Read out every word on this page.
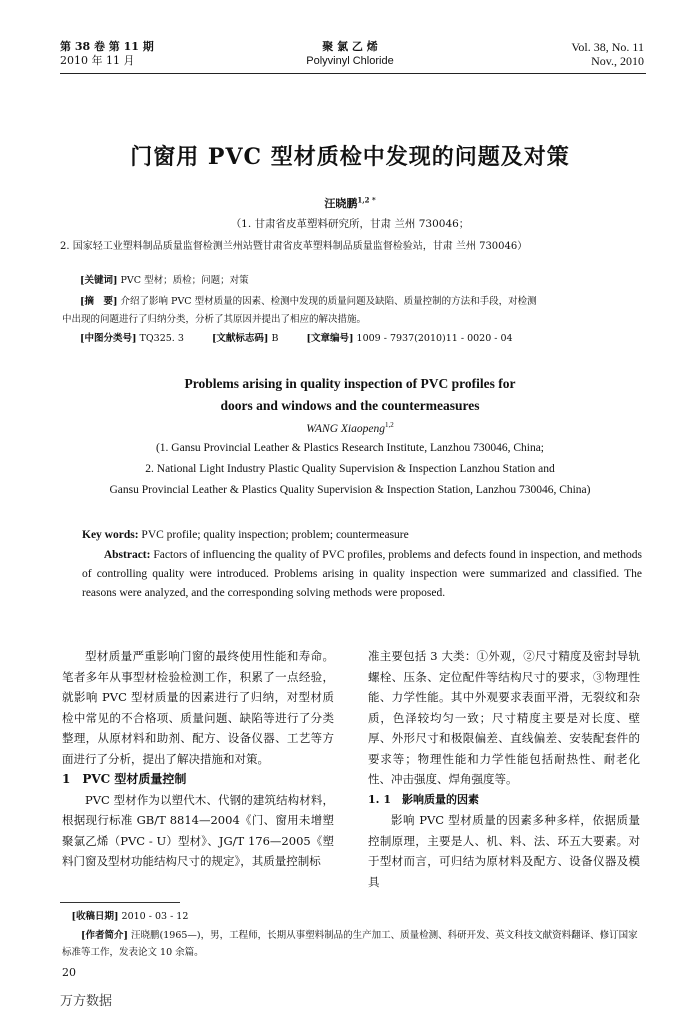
第 38 卷 第 11 期
2010 年 11 月
聚 氯 乙 烯
Polyvinyl Chloride
Vol. 38, No. 11
Nov., 2010
门窗用 PVC 型材质检中发现的问题及对策
汪晓鹏$^{1,2 *}$
（1. 甘肃省皮革塑料研究所，甘肃 兰州 730046；
2. 国家轻工业塑料制品质量监督检测兰州站暨甘肃省皮革塑料制品质量监督检验站，甘肃 兰州 730046）
[关键词] PVC 型材；质检；问题；对策
[摘　要] 介绍了影响 PVC 型材质量的因素、检测中发现的质量问题及缺陷、质量控制的方法和手段，对检测
中出现的问题进行了归纳分类，分析了其原因并提出了相应的解决措施。
[中图分类号] TQ325. 3	[文献标志码] B	[文章编号] 1009 - 7937(2010)11 - 0020 - 04
Problems arising in quality inspection of PVC profiles for
doors and windows and the countermeasures
WANG Xiaopeng$^{1,2}$
(1. Gansu Provincial Leather & Plastics Research Institute, Lanzhou 730046, China;
2. National Light Industry Plastic Quality Supervision & Inspection Lanzhou Station and
Gansu Provincial Leather & Plastics Quality Supervision & Inspection Station, Lanzhou 730046, China)
Key words: PVC profile; quality inspection; problem; countermeasure
Abstract: Factors of influencing the quality of PVC profiles, problems and defects found in inspection, and methods of controlling quality were introduced. Problems arising in quality inspection were summarized and classified. The reasons were analyzed, and the corresponding solving methods were proposed.

型材质量严重影响门窗的最终使用性能和寿命。笔者多年从事型材检验检测工作，积累了一点经验，就影响 PVC 型材质量的因素进行了归纳，对型材质检中常见的不合格项、质量问题、缺陷等进行了分类整理，从原材料和助剂、配方、设备仪器、工艺等方面进行了分析，提出了解决措施和对策。

1　PVC 型材质量控制

PVC 型材作为以塑代木、代钢的建筑结构材料，根据现行标准 GB/T 8814—2004《门、窗用未增塑聚氯乙烯（PVC - U）型材》、JG/T 176—2005《塑料门窗及型材功能结构尺寸的规定》，其质量控制标

准主要包括 3 大类：①外观，②尺寸精度及密封导轨螺栓、压条、定位配件等结构尺寸的要求，③物理性能、力学性能。其中外观要求表面平滑，无裂纹和杂质，色泽较均匀一致；尺寸精度主要是对长度、壁厚、外形尺寸和极限偏差、直线偏差、安装配套件的要求等；物理性能和力学性能包括耐热性、耐老化性、冲击强度、焊角强度等。

1. 1　影响质量的因素

影响 PVC 型材质量的因素多种多样，依据质量控制原理，主要是人、机、料、法、环五大要素。对于型材而言，可归结为原材料及配方、设备仪器及模具

　[收稿日期] 2010 - 03 - 12
[作者简介] 汪晓鹏(1965—)，男，工程师，长期从事塑料制品的生产加工、质量检测、科研开发、英文科技文献资料翻译、修订国家标准等工作，发表论文 10 余篇。
20
万方数据
